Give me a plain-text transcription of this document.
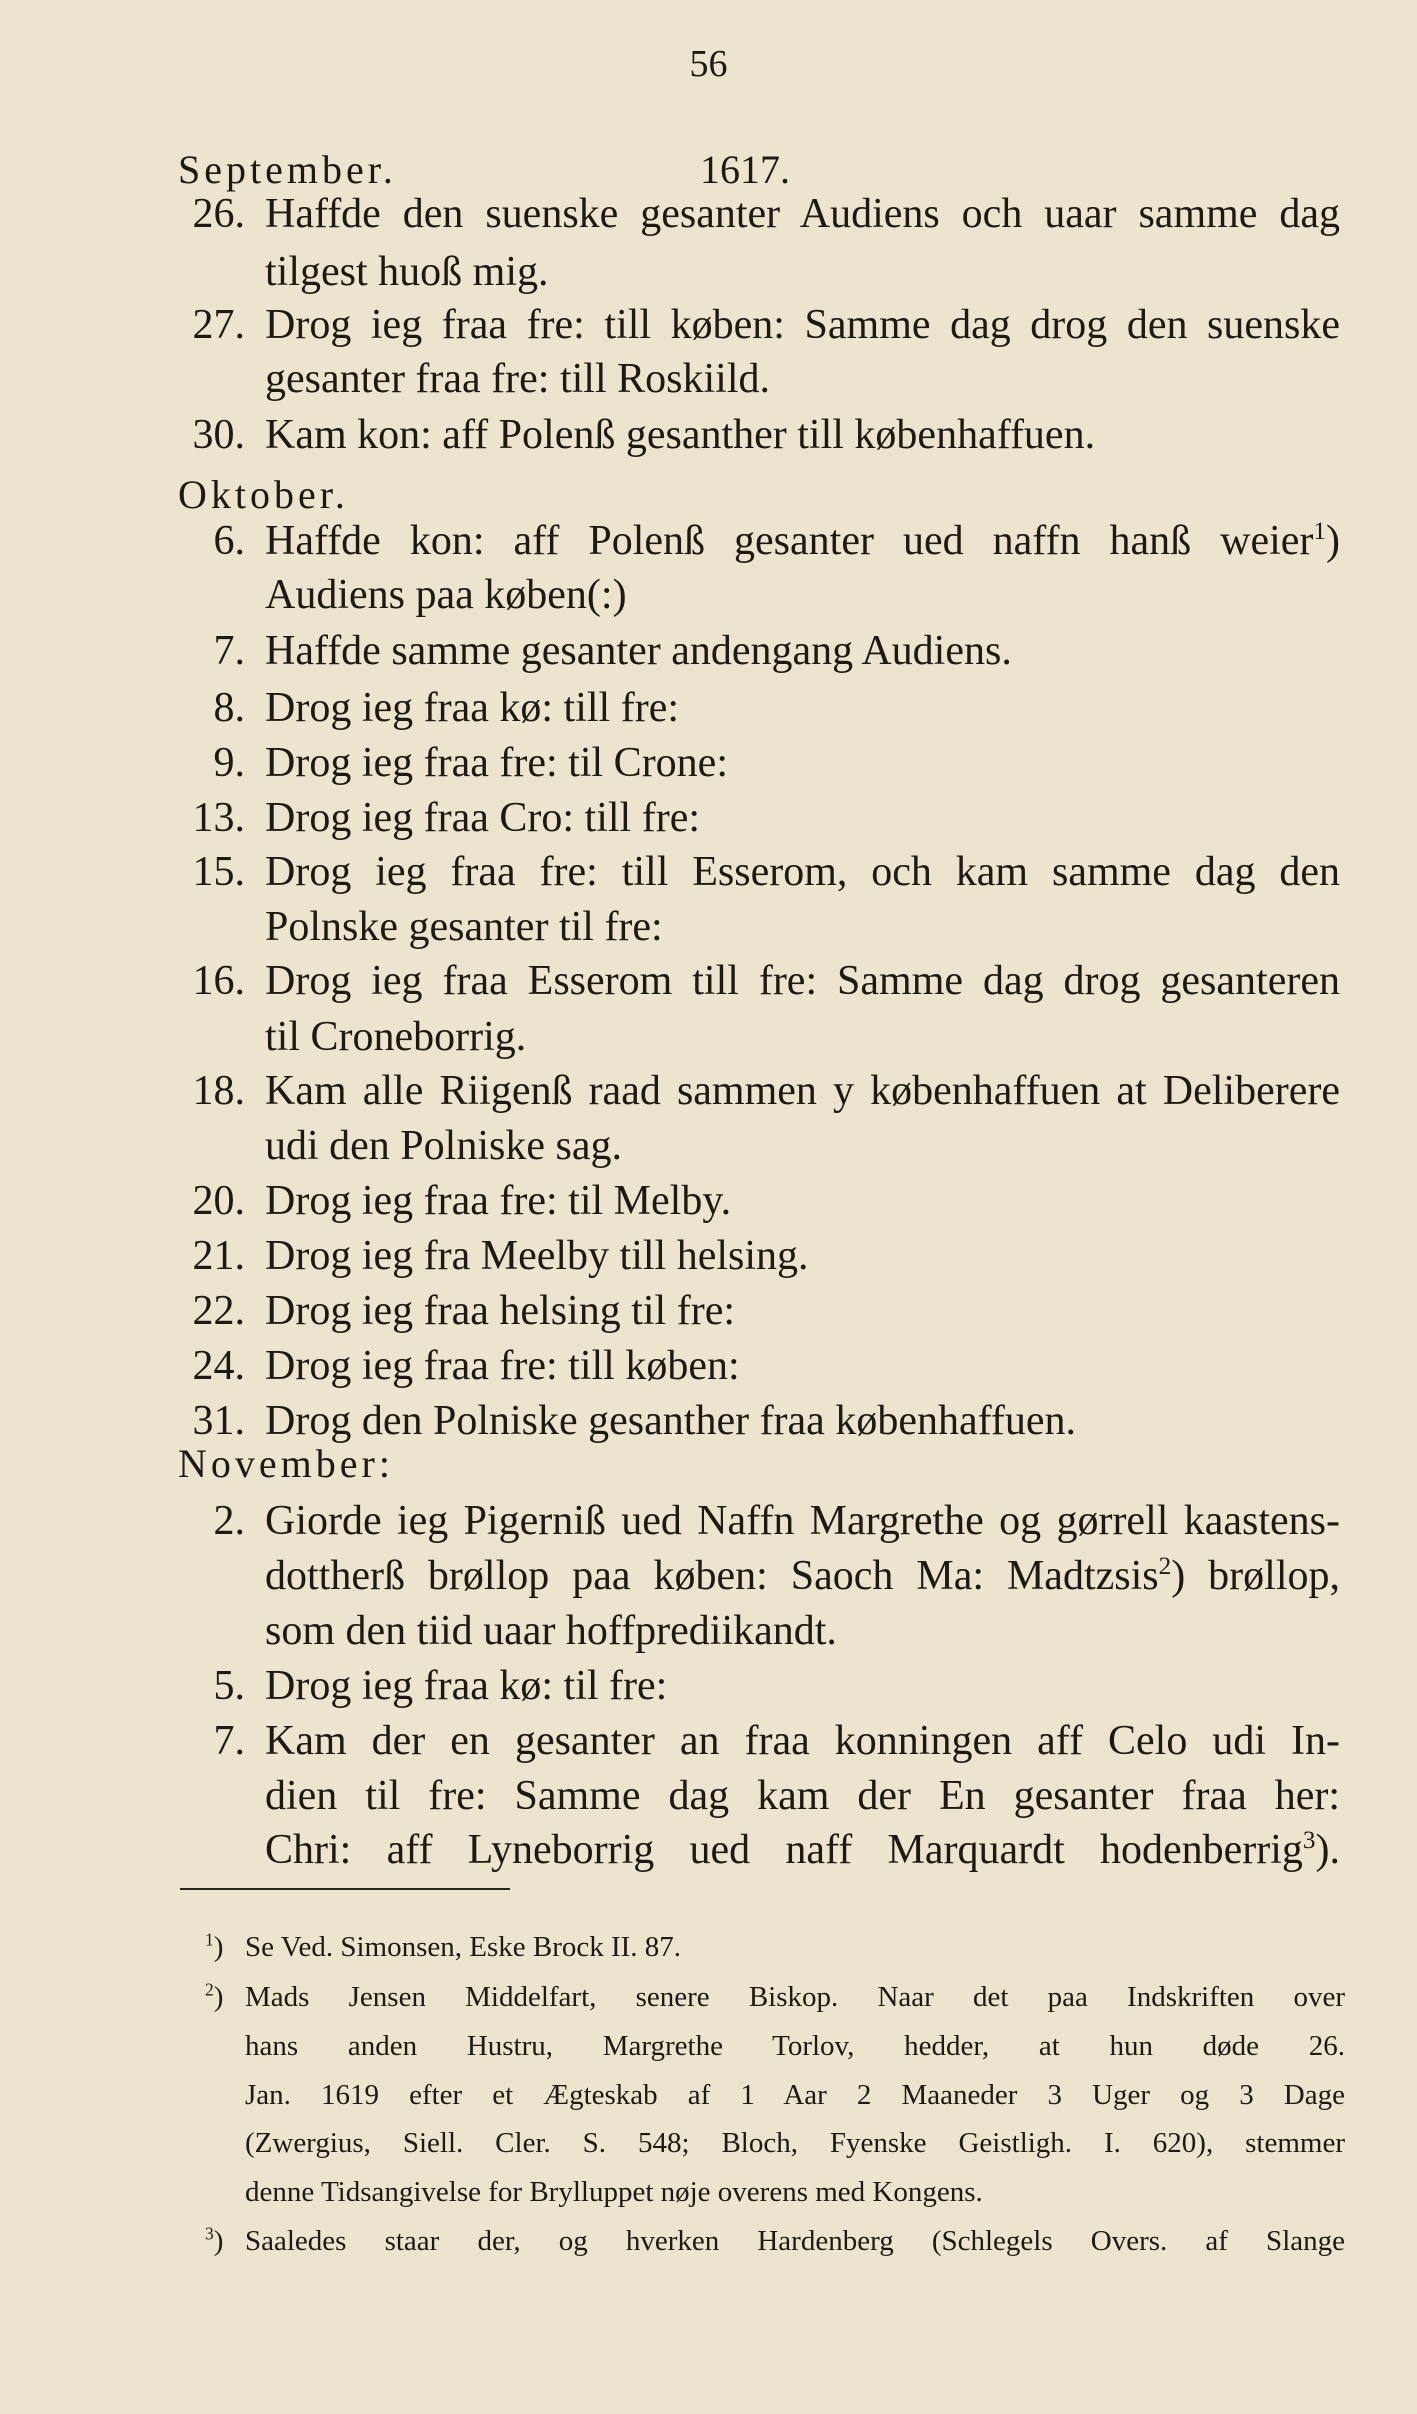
56
September.	1617.
26. Haffde den suenske gesanter Audiens och uaar samme dag
tilgest huoß mig.
27. Drog ieg fraa fre: till køben: Samme dag drog den suenske
gesanter fraa fre: till Roskiild.
30. Kam kon: aff Polenß gesanther till københaffuen.
Oktober.
6. Haffde kon: aff Polenß gesanter ued naffn hanß weier$^1$)
Audiens paa køben(:)
7. Haffde samme gesanter andengang Audiens.
8. Drog ieg fraa kø: till fre:
9. Drog ieg fraa fre: til Crone:
13. Drog ieg fraa Cro: till fre:
15. Drog ieg fraa fre: till Esserom, och kam samme dag den
Polnske gesanter til fre:
16. Drog ieg fraa Esserom till fre: Samme dag drog gesanteren
til Croneborrig.
18. Kam alle Riigenß raad sammen y københaffuen at Deliberere
udi den Polniske sag.
20. Drog ieg fraa fre: til Melby.
21. Drog ieg fra Meelby till helsing.
22. Drog ieg fraa helsing til fre:
24. Drog ieg fraa fre: till køben:
31. Drog den Polniske gesanther fraa københaffuen.
November:
2. Giorde ieg Pigerniß ued Naffn Margrethe og gørrell kaastens-
dottherß brøllop paa køben: Saoch Ma: Madtzsis$^2$) brøllop,
som den tiid uaar hoffprediikandt.
5. Drog ieg fraa kø: til fre:
7. Kam der en gesanter an fraa konningen aff Celo udi In-
dien til fre: Samme dag kam der En gesanter fraa her:
Chri: aff Lyneborrig ued naff Marquardt hodenberrig$^3$).
$^1$) Se Ved. Simonsen, Eske Brock II. 87.
$^2$) Mads Jensen Middelfart, senere Biskop. Naar det paa Indskriften over
hans anden Hustru, Margrethe Torlov, hedder, at hun døde 26.
Jan. 1619 efter et Ægteskab af 1 Aar 2 Maaneder 3 Uger og 3 Dage
(Zwergius, Siell. Cler. S. 548; Bloch, Fyenske Geistligh. I. 620), stemmer
denne Tidsangivelse for Brylluppet nøje overens med Kongens.
$^3$) Saaledes staar der, og hverken Hardenberg (Schlegels Overs. af Slange
